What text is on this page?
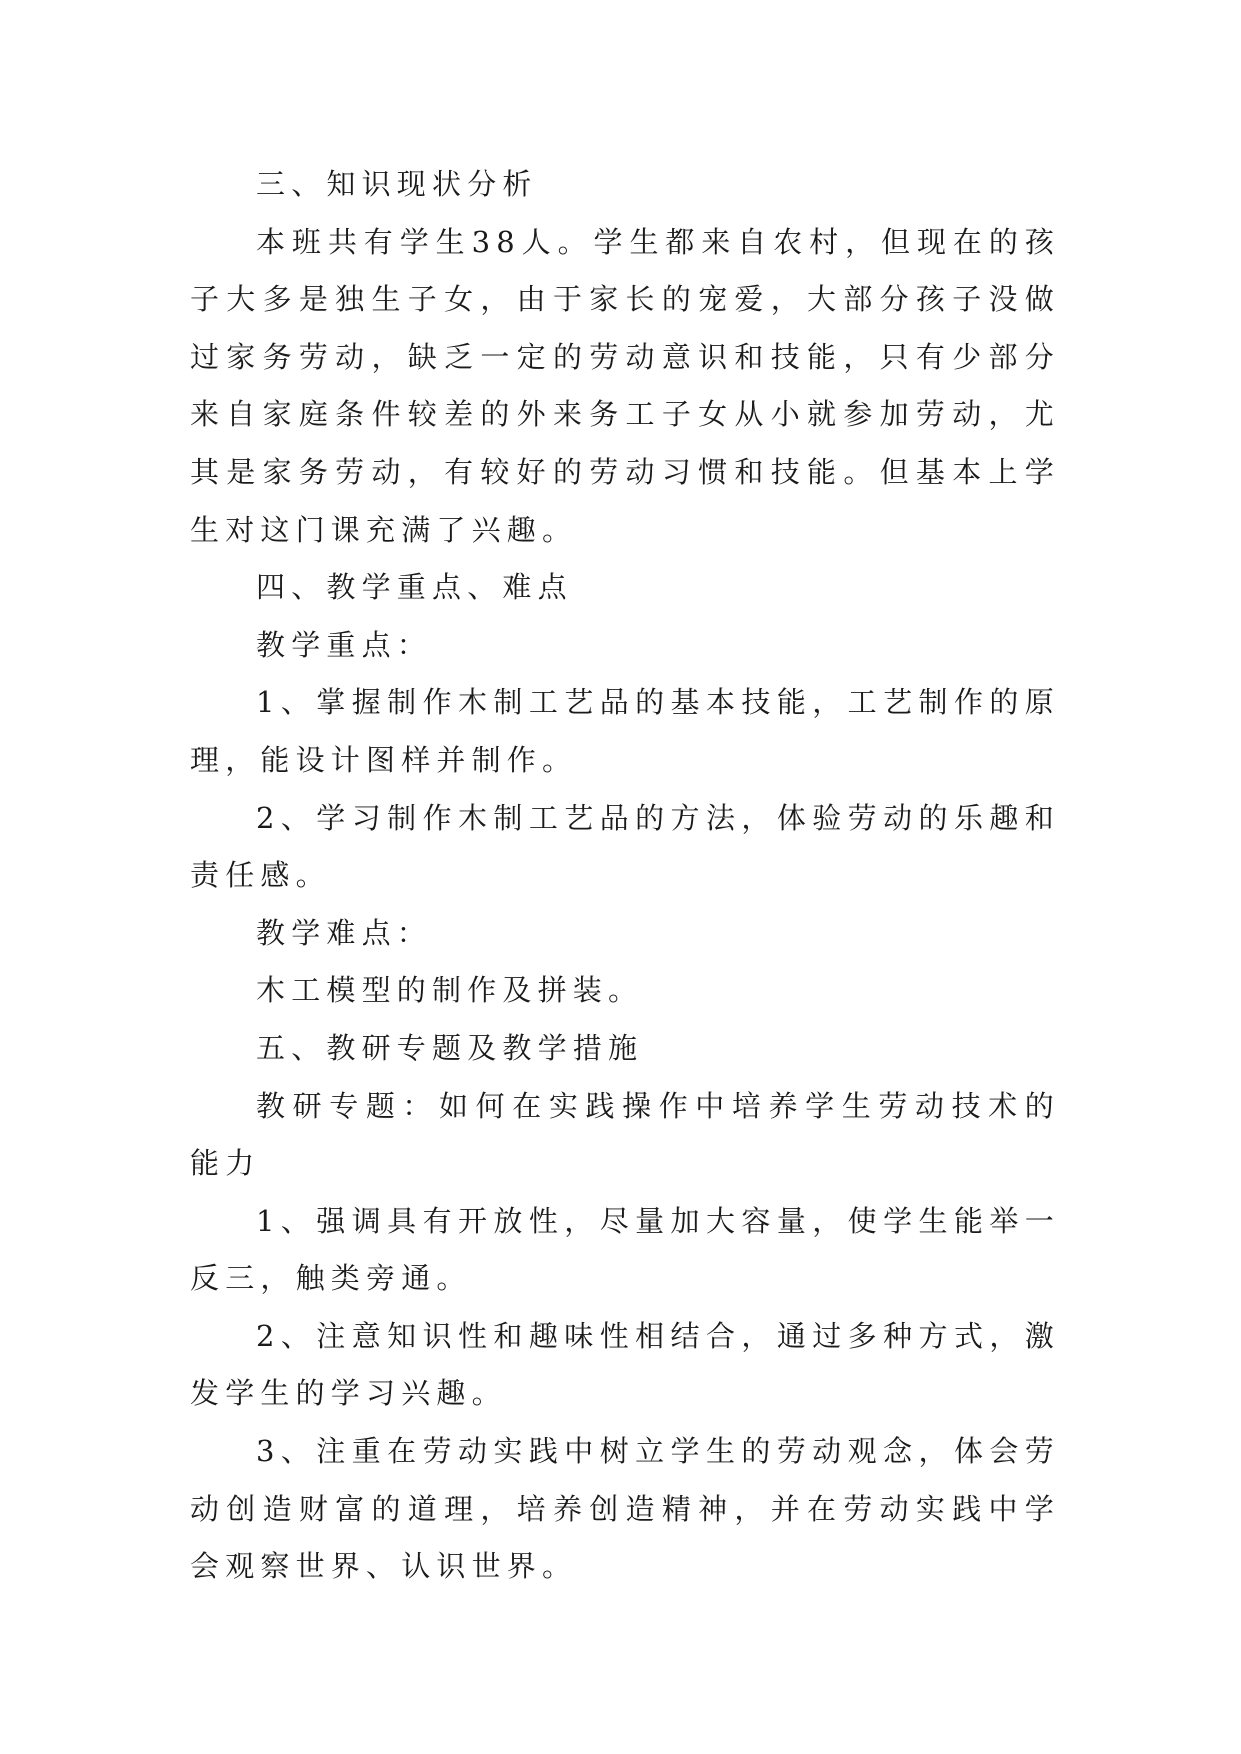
三、知识现状分析

本班共有学生38人。学生都来自农村，但现在的孩子大多是独生子女，由于家长的宠爱，大部分孩子没做过家务劳动，缺乏一定的劳动意识和技能，只有少部分来自家庭条件较差的外来务工子女从小就参加劳动，尤其是家务劳动，有较好的劳动习惯和技能。但基本上学生对这门课充满了兴趣。

四、教学重点、难点

教学重点：

1、掌握制作木制工艺品的基本技能，工艺制作的原理，能设计图样并制作。

2、学习制作木制工艺品的方法，体验劳动的乐趣和责任感。

教学难点：

木工模型的制作及拼装。

五、教研专题及教学措施

教研专题：如何在实践操作中培养学生劳动技术的能力

1、强调具有开放性，尽量加大容量，使学生能举一反三，触类旁通。

2、注意知识性和趣味性相结合，通过多种方式，激发学生的学习兴趣。

3、注重在劳动实践中树立学生的劳动观念，体会劳动创造财富的道理，培养创造精神，并在劳动实践中学会观察世界、认识世界。
